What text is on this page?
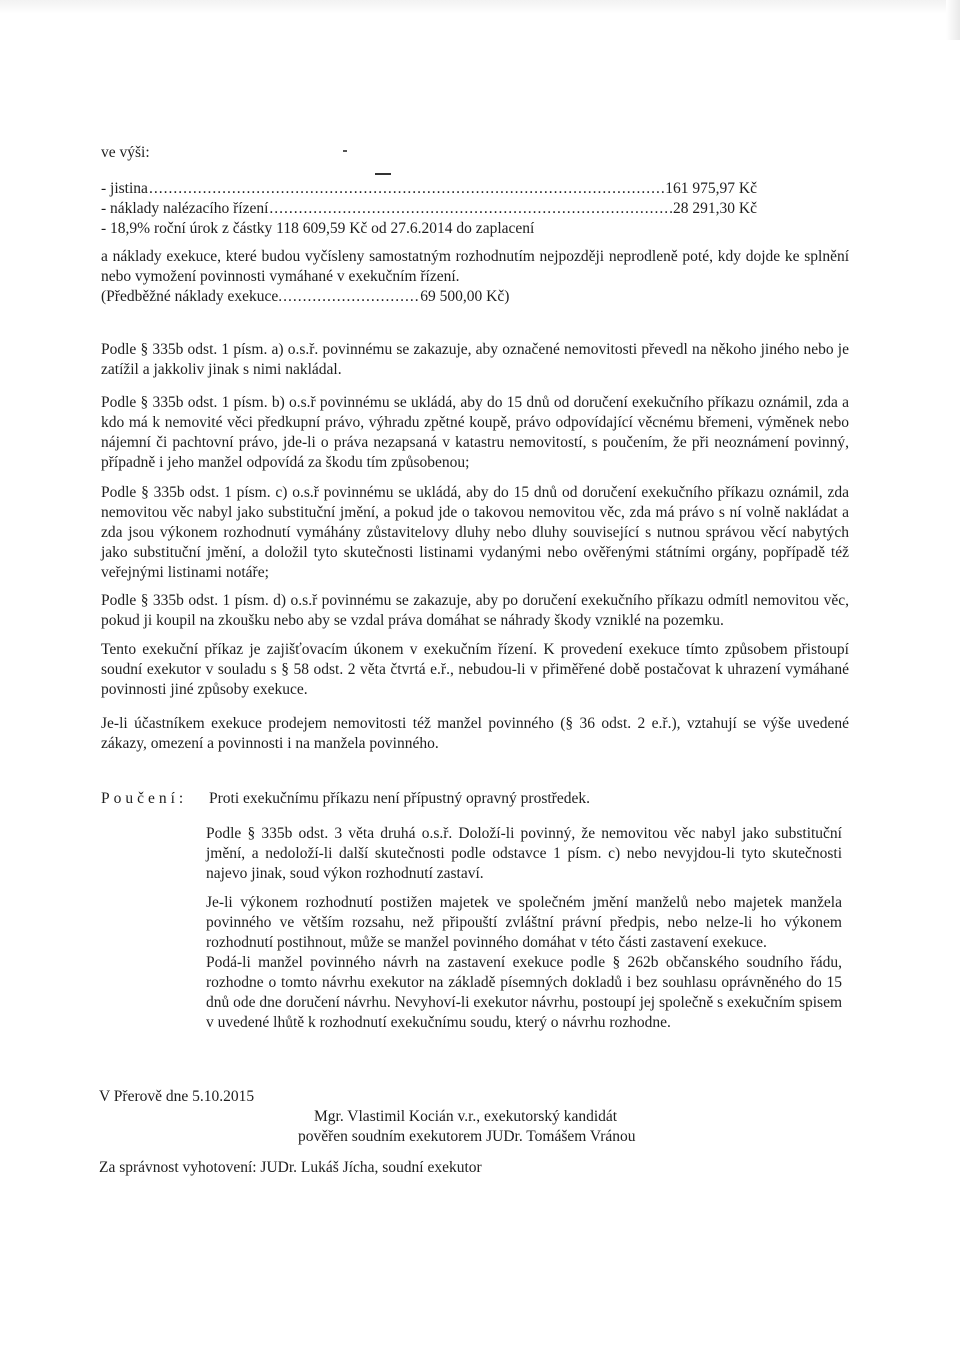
ve výši:
- jistina .....	161 975,97 Kč
- náklady nalézacího řízení .....	28 291,30 Kč
- 18,9% roční úrok z částky 118 609,59 Kč od 27.6.2014 do zaplacení
a náklady exekuce, které budou vyčísleny samostatným rozhodnutím nejpozději neprodleně poté, kdy dojde ke splnění nebo vymožení povinnosti vymáhané v exekučním řízení.
(Předběžné náklady exekuce .....	69 500,00 Kč)

Podle § 335b odst. 1 písm. a) o.s.ř. povinnému se zakazuje, aby označené nemovitosti převedl na někoho jiného nebo je zatížil a jakkoliv jinak s nimi nakládal.

Podle § 335b odst. 1 písm. b) o.s.ř povinnému se ukládá, aby do 15 dnů od doručení exekučního příkazu oznámil, zda a kdo má k nemovité věci předkupní právo, výhradu zpětné koupě, právo odpovídající věcnému břemeni, výměnek nebo nájemní či pachtovní právo, jde-li o práva nezapsaná v katastru nemovitostí, s poučením, že při neoznámení povinný, případně i jeho manžel odpovídá za škodu tím způsobenou;

Podle § 335b odst. 1 písm. c) o.s.ř povinnému se ukládá, aby do 15 dnů od doručení exekučního příkazu oznámil, zda nemovitou věc nabyl jako substituční jmění, a pokud jde o takovou nemovitou věc, zda má právo s ní volně nakládat a zda jsou výkonem rozhodnutí vymáhány zůstavitelovy dluhy nebo dluhy související s nutnou správou věcí nabytých jako substituční jmění, a doložil tyto skutečnosti listinami vydanými nebo ověřenými státními orgány, popřípadě též veřejnými listinami notáře;

Podle § 335b odst. 1 písm. d) o.s.ř povinnému se zakazuje, aby po doručení exekučního příkazu odmítl nemovitou věc, pokud ji koupil na zkoušku nebo aby se vzdal práva domáhat se náhrady škody vzniklé na pozemku.

Tento exekuční příkaz je zajišťovacím úkonem v exekučním řízení. K provedení exekuce tímto způsobem přistoupí soudní exekutor v souladu s § 58 odst. 2 věta čtvrtá e.ř., nebudou-li v přiměřené době postačovat k uhrazení vymáhané povinnosti jiné způsoby exekuce.

Je-li účastníkem exekuce prodejem nemovitosti též manžel povinného (§ 36 odst. 2 e.ř.), vztahují se výše uvedené zákazy, omezení a povinnosti i na manžela povinného.

Poučení:	Proti exekučnímu příkazu není přípustný opravný prostředek.

Podle § 335b odst. 3 věta druhá o.s.ř. Doloží-li povinný, že nemovitou věc nabyl jako substituční jmění, a nedoloží-li další skutečnosti podle odstavce 1 písm. c) nebo nevyjdou-li tyto skutečnosti najevo jinak, soud výkon rozhodnutí zastaví.

Je-li výkonem rozhodnutí postižen majetek ve společném jmění manželů nebo majetek manžela povinného ve větším rozsahu, než připouští zvláštní právní předpis, nebo nelze-li ho výkonem rozhodnutí postihnout, může se manžel povinného domáhat v této části zastavení exekuce.

Podá-li manžel povinného návrh na zastavení exekuce podle § 262b občanského soudního řádu, rozhodne o tomto návrhu exekutor na základě písemných dokladů i bez souhlasu oprávněného do 15 dnů ode dne doručení návrhu. Nevyhoví-li exekutor návrhu, postoupí jej společně s exekučním spisem v uvedené lhůtě k rozhodnutí exekučnímu soudu, který o návrhu rozhodne.

V Přerově dne 5.10.2015
Mgr. Vlastimil Kocián v.r., exekutorský kandidát
pověřen soudním exekutorem JUDr. Tomášem Vránou
Za správnost vyhotovení: JUDr. Lukáš Jícha, soudní exekutor
